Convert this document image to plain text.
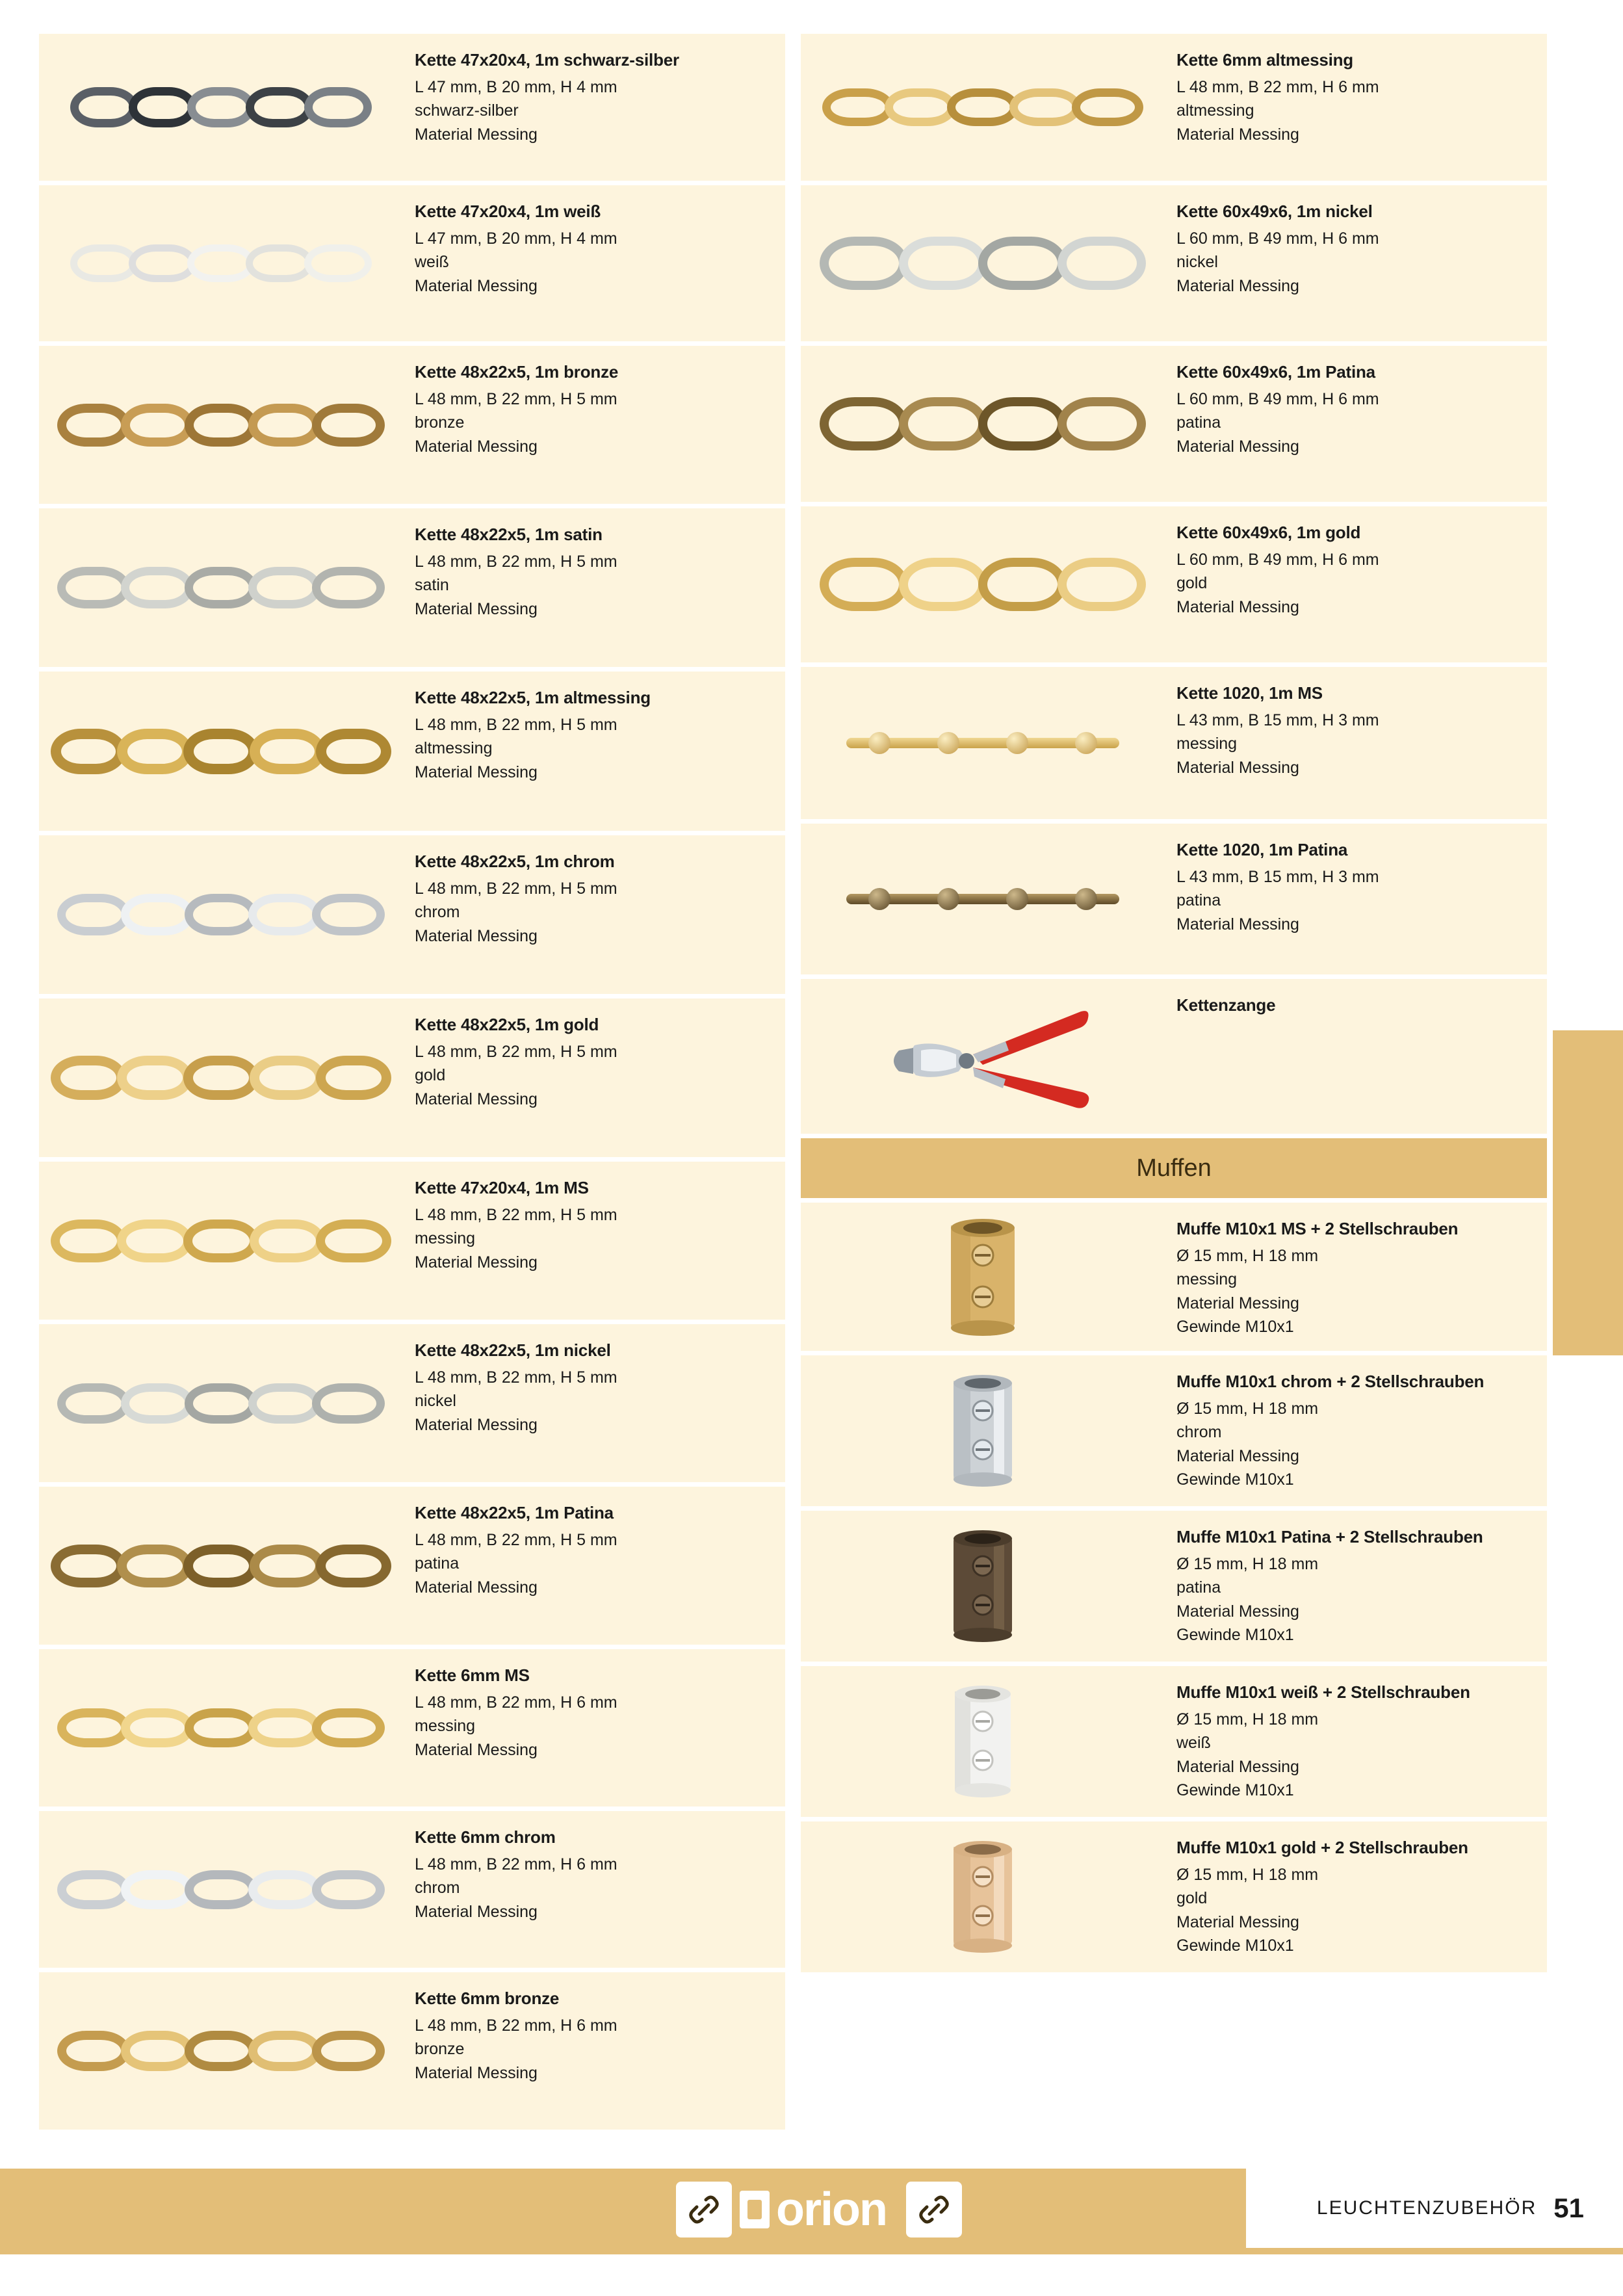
Kette 47x20x4, 1m schwarz-silber
L 47 mm, B 20 mm, H 4 mm
schwarz-silber
Material Messing
Kette 47x20x4, 1m weiß
L 47 mm, B 20 mm, H 4 mm
weiß
Material Messing
Kette 48x22x5, 1m bronze
L 48 mm, B 22 mm, H 5 mm
bronze
Material Messing
Kette 48x22x5, 1m satin
L 48 mm, B 22 mm, H 5 mm
satin
Material Messing
Kette 48x22x5, 1m altmessing
L 48 mm, B 22 mm, H 5 mm
altmessing
Material Messing
Kette 48x22x5, 1m chrom
L 48 mm, B 22 mm, H 5 mm
chrom
Material Messing
Kette 48x22x5, 1m gold
L 48 mm, B 22 mm, H 5 mm
gold
Material Messing
Kette 47x20x4, 1m MS
L 48 mm, B 22 mm, H 5 mm
messing
Material Messing
Kette 48x22x5, 1m nickel
L 48 mm, B 22 mm, H 5 mm
nickel
Material Messing
Kette 48x22x5, 1m Patina
L 48 mm, B 22 mm, H 5 mm
patina
Material Messing
Kette 6mm MS
L 48 mm, B 22 mm, H 6 mm
messing
Material Messing
Kette 6mm chrom
L 48 mm, B 22 mm, H 6 mm
chrom
Material Messing
Kette 6mm bronze
L 48 mm, B 22 mm, H 6 mm
bronze
Material Messing
Kette 6mm altmessing
L 48 mm, B 22 mm, H 6 mm
altmessing
Material Messing
Kette 60x49x6, 1m nickel
L 60 mm, B 49 mm, H 6 mm
nickel
Material Messing
Kette 60x49x6, 1m Patina
L 60 mm, B 49 mm, H 6 mm
patina
Material Messing
Kette 60x49x6, 1m gold
L 60 mm, B 49 mm, H 6 mm
gold
Material Messing
Kette 1020, 1m MS
L 43 mm, B 15 mm, H 3 mm
messing
Material Messing
Kette 1020, 1m Patina
L 43 mm, B 15 mm, H 3 mm
patina
Material Messing
Kettenzange
Muffen
Muffe M10x1 MS + 2 Stellschrauben
Ø 15 mm, H 18 mm
messing
Material Messing
Gewinde M10x1
Muffe M10x1 chrom + 2 Stellschrauben
Ø 15 mm, H 18 mm
chrom
Material Messing
Gewinde M10x1
Muffe M10x1 Patina + 2 Stellschrauben
Ø 15 mm, H 18 mm
patina
Material Messing
Gewinde M10x1
Muffe M10x1 weiß + 2 Stellschrauben
Ø 15 mm, H 18 mm
weiß
Material Messing
Gewinde M10x1
Muffe M10x1 gold + 2 Stellschrauben
Ø 15 mm, H 18 mm
gold
Material Messing
Gewinde M10x1
orion	LEUCHTENZUBEHÖR 51
